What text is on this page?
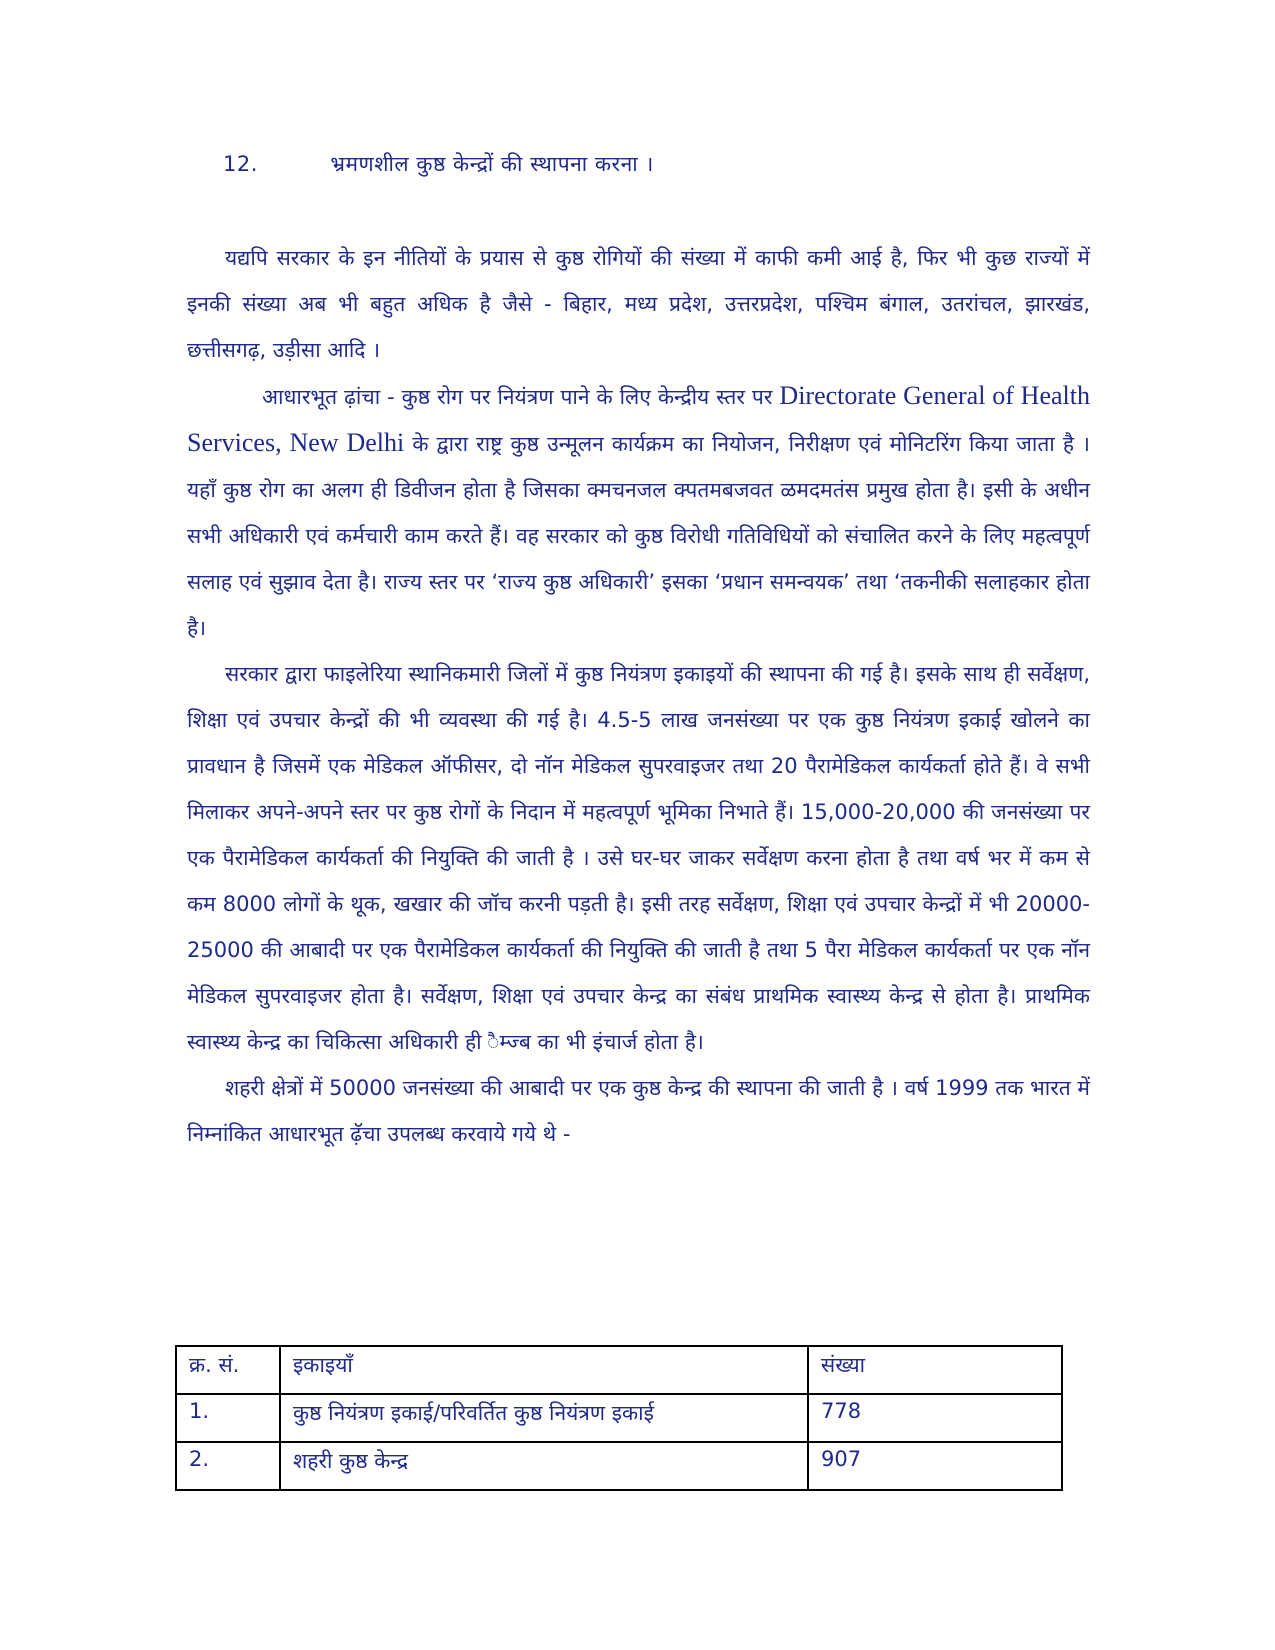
12.	भ्रमणशील कुष्ठ केन्द्रों की स्थापना करना ।

यद्यपि सरकार के इन नीतियों के प्रयास से कुष्ठ रोगियों की संख्या में काफी कमी आई है, फिर भी कुछ राज्यों में इनकी संख्या अब भी बहुत अधिक है जैसे - बिहार, मध्य प्रदेश, उत्तरप्रदेश, पश्चिम बंगाल, उतरांचल, झारखंड, छत्तीसगढ़, उड़ीसा आदि ।

आधारभूत ढ़ांचा - कुष्ठ रोग पर नियंत्रण पाने के लिए केन्द्रीय स्तर पर Directorate General of Health Services, New Delhi के द्वारा राष्ट्र कुष्ठ उन्मूलन कार्यक्रम का नियोजन, निरीक्षण एवं मोनिटरिंग किया जाता है । यहाँ कुष्ठ रोग का अलग ही डिवीजन होता है जिसका क्मचनजल क्पतमबजवत ळमदमतंस प्रमुख होता है। इसी के अधीन सभी अधिकारी एवं कर्मचारी काम करते हैं। वह सरकार को कुष्ठ विरोधी गतिविधियों को संचालित करने के लिए महत्वपूर्ण सलाह एवं सुझाव देता है। राज्य स्तर पर ‘राज्य कुष्ठ अधिकारी’ इसका ‘प्रधान समन्वयक’ तथा ‘तकनीकी सलाहकार होता है।

सरकार द्वारा फाइलेरिया स्थानिकमारी जिलों में कुष्ठ नियंत्रण इकाइयों की स्थापना की गई है। इसके साथ ही सर्वेक्षण, शिक्षा एवं उपचार केन्द्रों की भी व्यवस्था की गई है। 4.5-5 लाख जनसंख्या पर एक कुष्ठ नियंत्रण इकाई खोलने का प्रावधान है जिसमें एक मेडिकल ऑफीसर, दो नॉन मेडिकल सुपरवाइजर तथा 20 पैरामेडिकल कार्यकर्ता होते हैं। वे सभी मिलाकर अपने-अपने स्तर पर कुष्ठ रोगों के निदान में महत्वपूर्ण भूमिका निभाते हैं। 15,000-20,000 की जनसंख्या पर एक पैरामेडिकल कार्यकर्ता की नियुक्ति की जाती है । उसे घर-घर जाकर सर्वेक्षण करना होता है तथा वर्ष भर में कम से कम 8000 लोगों के थूक, खखार की जॉच करनी पड़ती है। इसी तरह सर्वेक्षण, शिक्षा एवं उपचार केन्द्रों में भी 20000-25000 की आबादी पर एक पैरामेडिकल कार्यकर्ता की नियुक्ति की जाती है तथा 5 पैरा मेडिकल कार्यकर्ता पर एक नॉन मेडिकल सुपरवाइजर होता है। सर्वेक्षण, शिक्षा एवं उपचार केन्द्र का संबंध प्राथमिक स्वास्थ्य केन्द्र से होता है। प्राथमिक स्वास्थ्य केन्द्र का चिकित्सा अधिकारी ही ैम्ज्ब का भी इंचार्ज होता है।

शहरी क्षेत्रों में 50000 जनसंख्या की आबादी पर एक कुष्ठ केन्द्र की स्थापना की जाती है । वर्ष 1999 तक भारत में निम्नांकित आधारभूत ढ़ॅचा उपलब्ध करवाये गये थे -

क्र. सं.	इकाइयाँ	संख्या
1.	कुष्ठ नियंत्रण इकाई/परिवर्तित कुष्ठ नियंत्रण इकाई	778
2.	शहरी कुष्ठ केन्द्र	907
